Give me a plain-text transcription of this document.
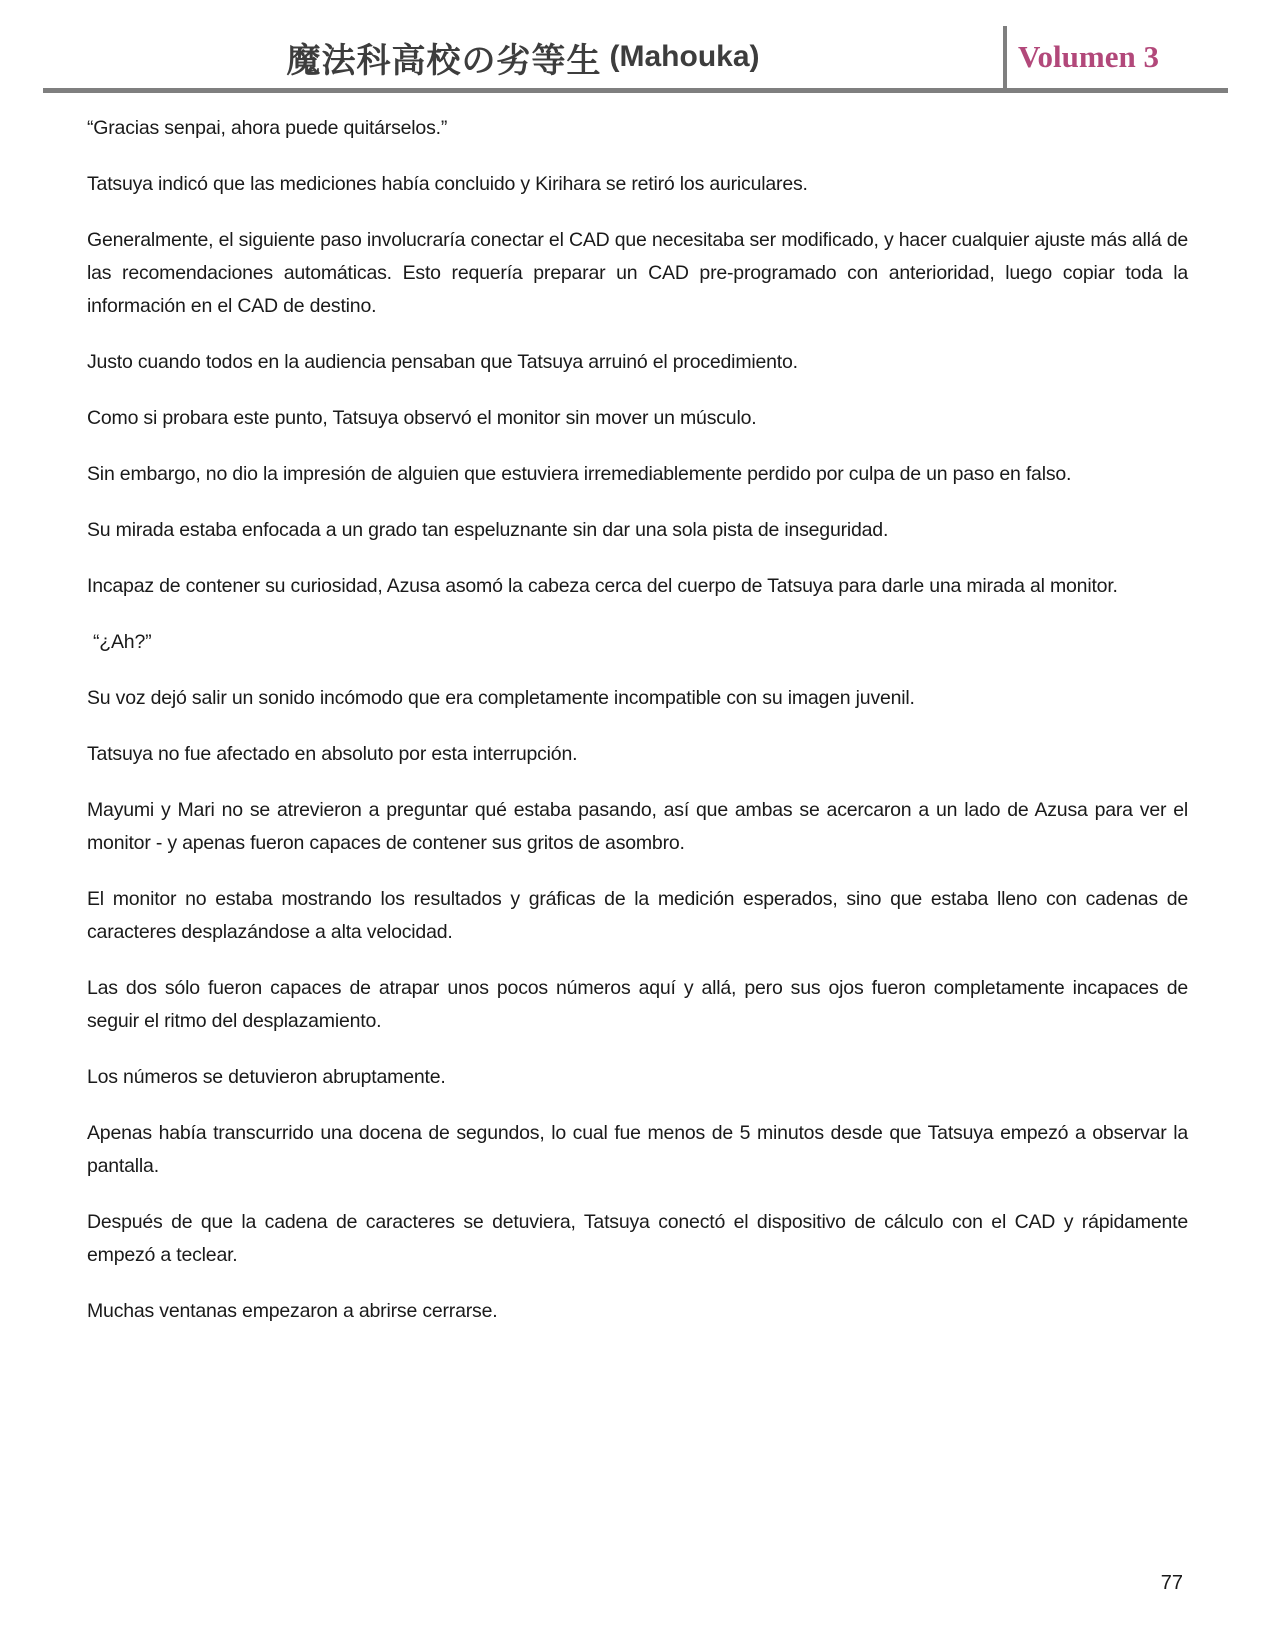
魔法科高校の劣等生 (Mahouka)	Volumen 3

“Gracias senpai, ahora puede quitárselos.”

Tatsuya indicó que las mediciones había concluido y Kirihara se retiró los auriculares.

Generalmente, el siguiente paso involucraría conectar el CAD que necesitaba ser modificado, y hacer cualquier ajuste más allá de las recomendaciones automáticas. Esto requería preparar un CAD pre-programado con anterioridad, luego copiar toda la información en el CAD de destino.

Justo cuando todos en la audiencia pensaban que Tatsuya arruinó el procedimiento.

Como si probara este punto, Tatsuya observó el monitor sin mover un músculo.

Sin embargo, no dio la impresión de alguien que estuviera irremediablemente perdido por culpa de un paso en falso.

Su mirada estaba enfocada a un grado tan espeluznante sin dar una sola pista de inseguridad.

Incapaz de contener su curiosidad, Azusa asomó la cabeza cerca del cuerpo de Tatsuya para darle una mirada al monitor.

“¿Ah?”

Su voz dejó salir un sonido incómodo que era completamente incompatible con su imagen juvenil.

Tatsuya no fue afectado en absoluto por esta interrupción.

Mayumi y Mari no se atrevieron a preguntar qué estaba pasando, así que ambas se acercaron a un lado de Azusa para ver el monitor - y apenas fueron capaces de contener sus gritos de asombro.

El monitor no estaba mostrando los resultados y gráficas de la medición esperados, sino que estaba lleno con cadenas de caracteres desplazándose a alta velocidad.

Las dos sólo fueron capaces de atrapar unos pocos números aquí y allá, pero sus ojos fueron completamente incapaces de seguir el ritmo del desplazamiento.

Los números se detuvieron abruptamente.

Apenas había transcurrido una docena de segundos, lo cual fue menos de 5 minutos desde que Tatsuya empezó a observar la pantalla.

Después de que la cadena de caracteres se detuviera, Tatsuya conectó el dispositivo de cálculo con el CAD y rápidamente empezó a teclear.

Muchas ventanas empezaron a abrirse cerrarse.

77
